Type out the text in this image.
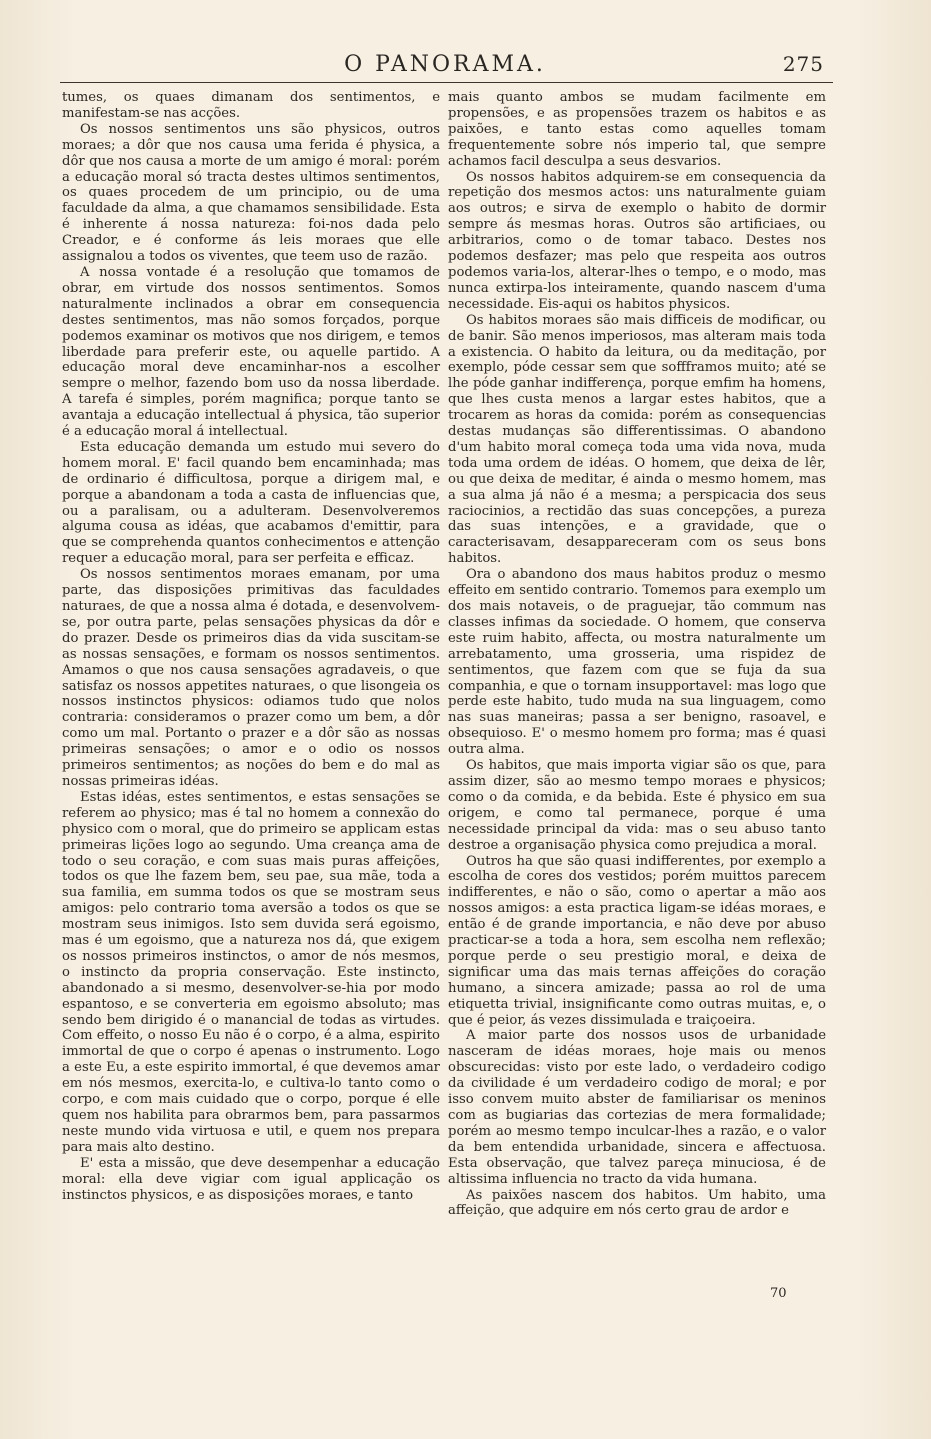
O PANORAMA.	275

tumes, os quaes dimanam dos sentimentos, e manifestam-se nas acções.

Os nossos sentimentos uns são physicos, outros moraes; a dôr que nos causa uma ferida é physica, a dôr que nos causa a morte de um amigo é moral: porém a educação moral só tracta destes ultimos sentimentos, os quaes procedem de um principio, ou de uma faculdade da alma, a que chamamos sensibilidade. Esta é inherente á nossa natureza: foi-nos dada pelo Creador, e é conforme ás leis moraes que elle assignalou a todos os viventes, que teem uso de razão.

A nossa vontade é a resolução que tomamos de obrar, em virtude dos nossos sentimentos. Somos naturalmente inclinados a obrar em consequencia destes sentimentos, mas não somos forçados, porque podemos examinar os motivos que nos dirigem, e temos liberdade para preferir este, ou aquelle partido. A educação moral deve encaminhar-nos a escolher sempre o melhor, fazendo bom uso da nossa liberdade. A tarefa é simples, porém magnifica; porque tanto se avantaja a educação intellectual á physica, tão superior é a educação moral á intellectual.

Esta educação demanda um estudo mui severo do homem moral. E' facil quando bem encaminhada; mas de ordinario é difficultosa, porque a dirigem mal, e porque a abandonam a toda a casta de influencias que, ou a paralisam, ou a adulteram. Desenvolveremos alguma cousa as idéas, que acabamos d'emittir, para que se comprehenda quantos conhecimentos e attenção requer a educação moral, para ser perfeita e efficaz.

Os nossos sentimentos moraes emanam, por uma parte, das disposições primitivas das faculdades naturaes, de que a nossa alma é dotada, e desenvolvem-se, por outra parte, pelas sensações physicas da dôr e do prazer. Desde os primeiros dias da vida suscitam-se as nossas sensações, e formam os nossos sentimentos. Amamos o que nos causa sensações agradaveis, o que satisfaz os nossos appetites naturaes, o que lisongeia os nossos instinctos physicos: odiamos tudo que nolos contraria: consideramos o prazer como um bem, a dôr como um mal. Portanto o prazer e a dôr são as nossas primeiras sensações; o amor e o odio os nossos primeiros sentimentos; as noções do bem e do mal as nossas primeiras idéas.

Estas idéas, estes sentimentos, e estas sensações se referem ao physico; mas é tal no homem a connexão do physico com o moral, que do primeiro se applicam estas primeiras lições logo ao segundo. Uma creança ama de todo o seu coração, e com suas mais puras affeições, todos os que lhe fazem bem, seu pae, sua mãe, toda a sua familia, em summa todos os que se mostram seus amigos: pelo contrario toma aversão a todos os que se mostram seus inimigos. Isto sem duvida será egoismo, mas é um egoismo, que a natureza nos dá, que exigem os nossos primeiros instinctos, o amor de nós mesmos, o instincto da propria conservação. Este instincto, abandonado a si mesmo, desenvolver-se-hia por modo espantoso, e se converteria em egoismo absoluto; mas sendo bem dirigido é o manancial de todas as virtudes. Com effeito, o nosso Eu não é o corpo, é a alma, espirito immortal de que o corpo é apenas o instrumento. Logo a este Eu, a este espirito immortal, é que devemos amar em nós mesmos, exercita-lo, e cultiva-lo tanto como o corpo, e com mais cuidado que o corpo, porque é elle quem nos habilita para obrarmos bem, para passarmos neste mundo vida virtuosa e util, e quem nos prepara para mais alto destino.

E' esta a missão, que deve desempenhar a educação moral: ella deve vigiar com igual applicação os instinctos physicos, e as disposições moraes, e tanto

mais quanto ambos se mudam facilmente em propensões, e as propensões trazem os habitos e as paixões, e tanto estas como aquelles tomam frequentemente sobre nós imperio tal, que sempre achamos facil desculpa a seus desvarios.

Os nossos habitos adquirem-se em consequencia da repetição dos mesmos actos: uns naturalmente guiam aos outros; e sirva de exemplo o habito de dormir sempre ás mesmas horas. Outros são artificiaes, ou arbitrarios, como o de tomar tabaco. Destes nos podemos desfazer; mas pelo que respeita aos outros podemos varia-los, alterar-lhes o tempo, e o modo, mas nunca extirpa-los inteiramente, quando nascem d'uma necessidade. Eis-aqui os habitos physicos.

Os habitos moraes são mais difficeis de modificar, ou de banir. São menos imperiosos, mas alteram mais toda a existencia. O habito da leitura, ou da meditação, por exemplo, póde cessar sem que soffframos muito; até se lhe póde ganhar indifferença, porque emfim ha homens, que lhes custa menos a largar estes habitos, que a trocarem as horas da comida: porém as consequencias destas mudanças são differentissimas. O abandono d'um habito moral começa toda uma vida nova, muda toda uma ordem de idéas. O homem, que deixa de lêr, ou que deixa de meditar, é ainda o mesmo homem, mas a sua alma já não é a mesma; a perspicacia dos seus raciocinios, a rectidão das suas concepções, a pureza das suas intenções, e a gravidade, que o caracterisavam, desappareceram com os seus bons habitos.

Ora o abandono dos maus habitos produz o mesmo effeito em sentido contrario. Tomemos para exemplo um dos mais notaveis, o de praguejar, tão commum nas classes infimas da sociedade. O homem, que conserva este ruim habito, affecta, ou mostra naturalmente um arrebatamento, uma grosseria, uma rispidez de sentimentos, que fazem com que se fuja da sua companhia, e que o tornam insupportavel: mas logo que perde este habito, tudo muda na sua linguagem, como nas suas maneiras; passa a ser benigno, rasoavel, e obsequioso. E' o mesmo homem pro forma; mas é quasi outra alma.

Os habitos, que mais importa vigiar são os que, para assim dizer, são ao mesmo tempo moraes e physicos; como o da comida, e da bebida. Este é physico em sua origem, e como tal permanece, porque é uma necessidade principal da vida: mas o seu abuso tanto destroe a organisação physica como prejudica a moral.

Outros ha que são quasi indifferentes, por exemplo a escolha de cores dos vestidos; porém muittos parecem indifferentes, e não o são, como o apertar a mão aos nossos amigos: a esta practica ligam-se idéas moraes, e então é de grande importancia, e não deve por abuso practicar-se a toda a hora, sem escolha nem reflexão; porque perde o seu prestigio moral, e deixa de significar uma das mais ternas affeições do coração humano, a sincera amizade; passa ao rol de uma etiquetta trivial, insignificante como outras muitas, e, o que é peior, ás vezes dissimulada e traiçoeira.

A maior parte dos nossos usos de urbanidade nasceram de idéas moraes, hoje mais ou menos obscurecidas: visto por este lado, o verdadeiro codigo da civilidade é um verdadeiro codigo de moral; e por isso convem muito abster de familiarisar os meninos com as bugiarias das cortezias de mera formalidade; porém ao mesmo tempo inculcar-lhes a razão, e o valor da bem entendida urbanidade, sincera e affectuosa. Esta observação, que talvez pareça minuciosa, é de altissima influencia no tracto da vida humana.

As paixões nascem dos habitos. Um habito, uma affeição, que adquire em nós certo grau de ardor e

70
